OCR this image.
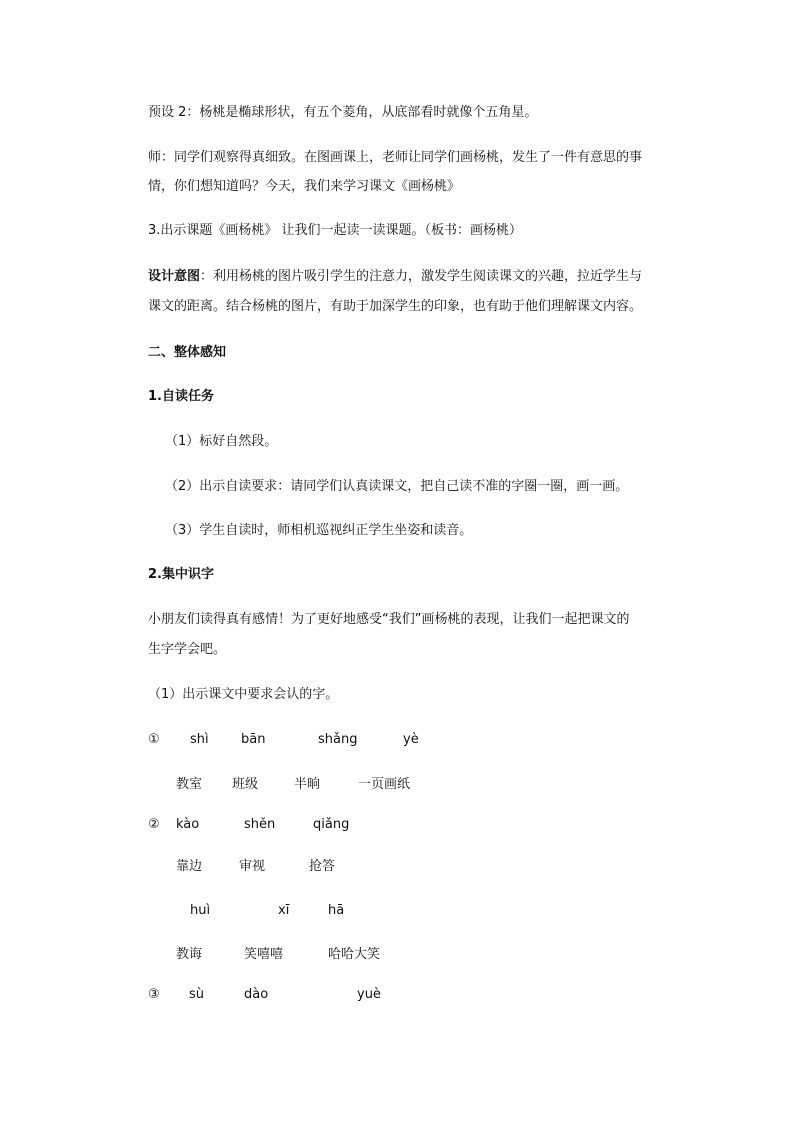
预设 2：杨桃是椭球形状，有五个菱角，从底部看时就像个五角星。
师：同学们观察得真细致。在图画课上，老师让同学们画杨桃，发生了一件有意思的事
情，你们想知道吗？今天，我们来学习课文《画杨桃》
3.出示课题《画杨桃》 让我们一起读一读课题。（板书：画杨桃）
设计意图：利用杨桃的图片吸引学生的注意力，激发学生阅读课文的兴趣，拉近学生与
课文的距离。结合杨桃的图片，有助于加深学生的印象，也有助于他们理解课文内容。
二、整体感知
1.自读任务
（1）标好自然段。
（2）出示自读要求：请同学们认真读课文，把自己读不准的字圈一圈，画一画。
（3）学生自读时，师相机巡视纠正学生坐姿和读音。
2.集中识字
小朋友们读得真有感情！为了更好地感受“我们”画杨桃的表现，让我们一起把课文的
生字学会吧。
（1）出示课文中要求会认的字。
① shì bān	shǎng	yè
教室 班级	半晌	一页画纸
② kào	shěn	qiǎng
靠边	审视	抢答
huì	xī	hā
教诲	笑嘻嘻	哈哈大笑
③ sù	dào	yuè
